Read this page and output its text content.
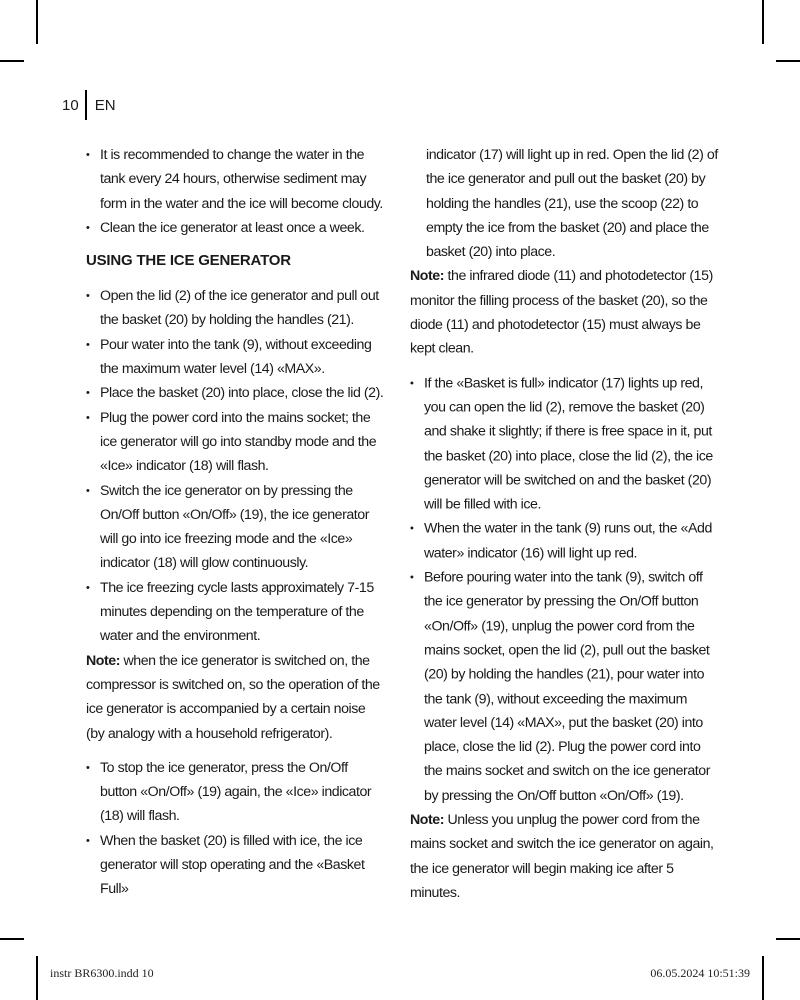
10 EN
• It is recommended to change the water in the tank every 24 hours, otherwise sediment may form in the water and the ice will become cloudy.
• Clean the ice generator at least once a week.
USING THE ICE GENERATOR
• Open the lid (2) of the ice generator and pull out the basket (20) by holding the handles (21).
• Pour water into the tank (9), without exceeding the maximum water level (14) «MAX».
• Place the basket (20) into place, close the lid (2).
• Plug the power cord into the mains socket; the ice generator will go into standby mode and the «Ice» indicator (18) will flash.
• Switch the ice generator on by pressing the On/Off button «On/Off» (19), the ice generator will go into ice freezing mode and the «Ice» indicator (18) will glow continuously.
• The ice freezing cycle lasts approximately 7-15 minutes depending on the temperature of the water and the environment.

Note: when the ice generator is switched on, the compressor is switched on, so the operation of the ice generator is accompanied by a certain noise (by analogy with a household refrigerator).

• To stop the ice generator, press the On/Off button «On/Off» (19) again, the «Ice» indicator (18) will flash.
• When the basket (20) is filled with ice, the ice generator will stop operating and the «Basket Full»

indicator (17) will light up in red. Open the lid (2) of the ice generator and pull out the basket (20) by holding the handles (21), use the scoop (22) to empty the ice from the basket (20) and place the basket (20) into place.

Note: the infrared diode (11) and photodetector (15) monitor the filling process of the basket (20), so the diode (11) and photodetector (15) must always be kept clean.

• If the «Basket is full» indicator (17) lights up red, you can open the lid (2), remove the basket (20) and shake it slightly; if there is free space in it, put the basket (20) into place, close the lid (2), the ice generator will be switched on and the basket (20) will be filled with ice.
• When the water in the tank (9) runs out, the «Add water» indicator (16) will light up red.
• Before pouring water into the tank (9), switch off the ice generator by pressing the On/Off button «On/Off» (19), unplug the power cord from the mains socket, open the lid (2), pull out the basket (20) by holding the handles (21), pour water into the tank (9), without exceeding the maximum water level (14) «MAX», put the basket (20) into place, close the lid (2). Plug the power cord into the mains socket and switch on the ice generator by pressing the On/Off button «On/Off» (19).

Note: Unless you unplug the power cord from the mains socket and switch the ice generator on again, the ice generator will begin making ice after 5 minutes.

instr BR6300.indd 10	06.05.2024 10:51:39
